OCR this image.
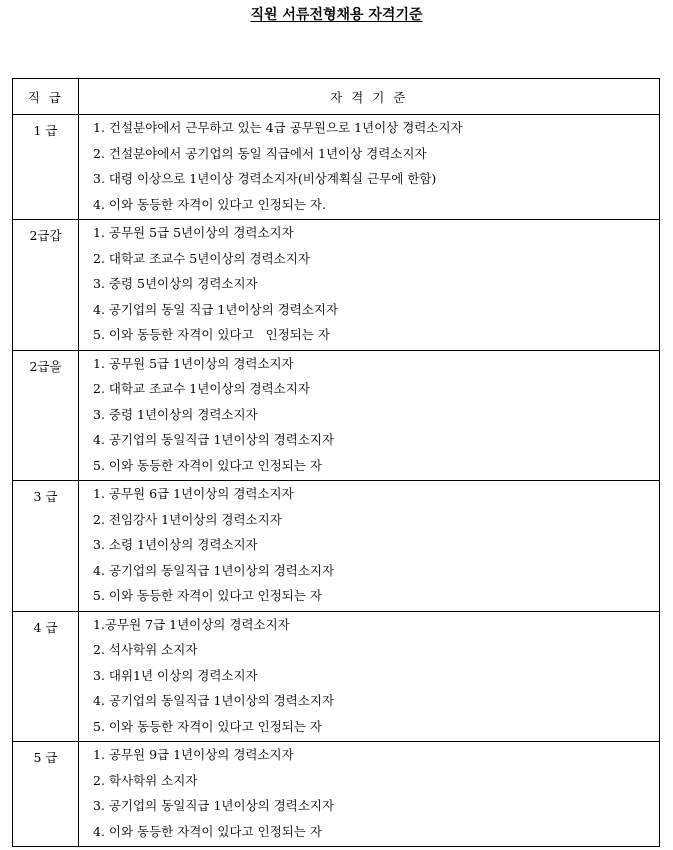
직원 서류전형채용 자격기준
직 급	자 격 기 준
1 급	1. 건설분야에서 근무하고 있는 4급 공무원으로 1년이상 경력소지자
2. 건설분야에서 공기업의 동일 직급에서 1년이상 경력소지자
3. 대령 이상으로 1년이상 경력소지자(비상계획실 근무에 한함)
4. 이와 동등한 자격이 있다고 인정되는 자.

2급갑	1. 공무원 5급 5년이상의 경력소지자
2. 대학교 조교수 5년이상의 경력소지자
3. 중령 5년이상의 경력소지자
4. 공기업의 동일 직급 1년이상의 경력소지자
5. 이와 동등한 자격이 있다고   인정되는 자

2급을	1. 공무원 5급 1년이상의 경력소지자
2. 대학교 조교수 1년이상의 경력소지자
3. 중령 1년이상의 경력소지자
4. 공기업의 동일직급 1년이상의 경력소지자
5. 이와 동등한 자격이 있다고 인정되는 자

3 급	1. 공무원 6급 1년이상의 경력소지자
2. 전임강사 1년이상의 경력소지자
3. 소령 1년이상의 경력소지자
4. 공기업의 동일직급 1년이상의 경력소지자
5. 이와 동등한 자격이 있다고 인정되는 자

4 급	1.공무원 7급 1년이상의 경력소지자
2. 석사학위 소지자
3. 대위1년 이상의 경력소지자
4. 공기업의 동일직급 1년이상의 경력소지자
5. 이와 동등한 자격이 있다고 인정되는 자

5 급	1. 공무원 9급 1년이상의 경력소지자
2. 학사학위 소지자
3. 공기업의 동일직급 1년이상의 경력소지자
4. 이와 동등한 자격이 있다고 인정되는 자
